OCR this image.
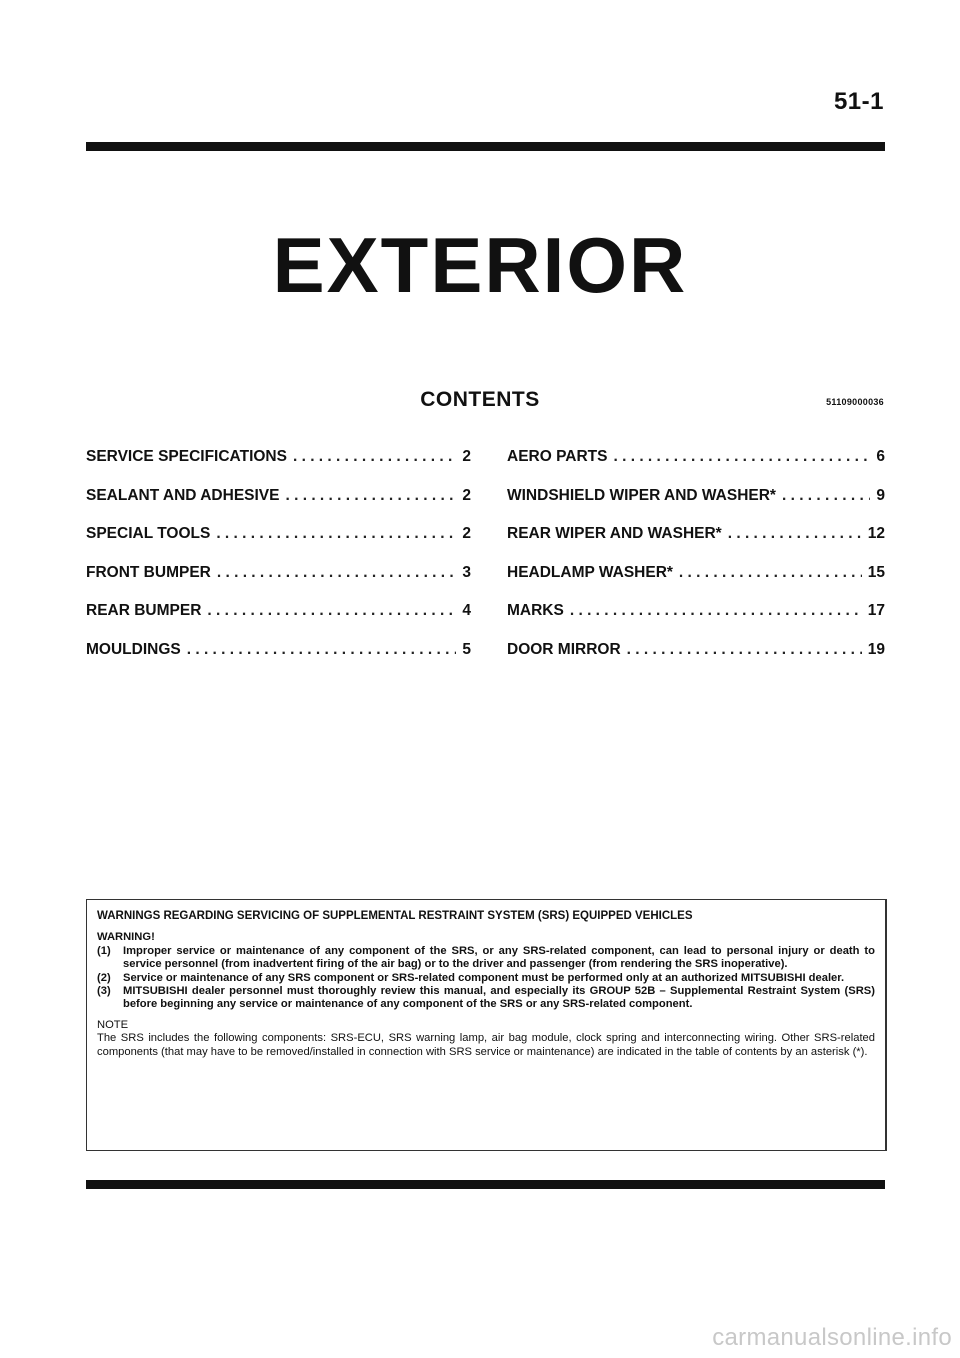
51-1
EXTERIOR
CONTENTS	51109000036
SERVICE SPECIFICATIONS . . .	2
SEALANT AND ADHESIVE . . .	2
SPECIAL TOOLS . . .	2
FRONT BUMPER . . .	3
REAR BUMPER . . .	4
MOULDINGS . . .	5
AERO PARTS . . .	6
WINDSHIELD WIPER AND WASHER* . . .	9
REAR WIPER AND WASHER* . . .	12
HEADLAMP WASHER* . . .	15
MARKS . . .	17
DOOR MIRROR . . .	19
WARNINGS REGARDING SERVICING OF SUPPLEMENTAL RESTRAINT SYSTEM (SRS) EQUIPPED VEHICLES
WARNING!
(1)	Improper service or maintenance of any component of the SRS, or any SRS-related component, can lead to personal injury or death to service personnel (from inadvertent firing of the air bag) or to the driver and passenger (from rendering the SRS inoperative).
(2)	Service or maintenance of any SRS component or SRS-related component must be performed only at an authorized MITSUBISHI dealer.
(3)	MITSUBISHI dealer personnel must thoroughly review this manual, and especially its GROUP 52B – Supplemental Restraint System (SRS) before beginning any service or maintenance of any component of the SRS or any SRS-related component.
NOTE
The SRS includes the following components: SRS-ECU, SRS warning lamp, air bag module, clock spring and interconnecting wiring. Other SRS-related components (that may have to be removed/installed in connection with SRS service or maintenance) are indicated in the table of contents by an asterisk (*).
carmanualsonline.info
